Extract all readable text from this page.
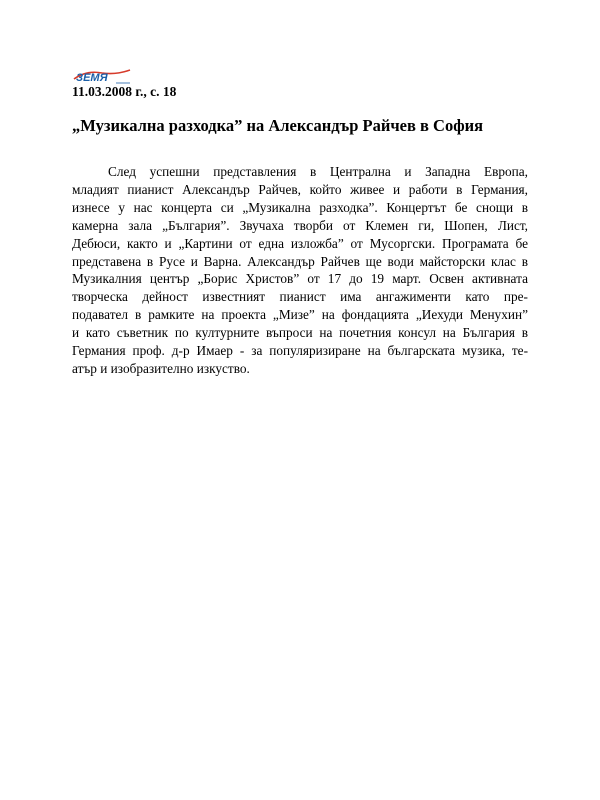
ЗЕМЯ
11.03.2008 г., с. 18
„Музикална разходка” на Александър Райчев в София
След успешни представления в Централна и Западна Европа,
младият пианист Александър Райчев, който живее и работи в Германия,
изнесе у нас концерта си „Музикална разходка”. Концертът бе снощи в
камерна зала „България”. Звучаха творби от Клемен ги, Шопен, Лист,
Дебюси, както и „Картини от една изложба” от Мусоргски. Програмата бе
представена в Русе и Варна. Александър Райчев ще води майсторски клас в
Музикалния център „Борис Христов” от 17 до 19 март. Освен активната
творческа дейност известният пианист има ангажименти като пре-
подавател в рамките на проекта „Мизе” на фондацията „Иехуди Менухин”
и като съветник по културните въпроси на почетния консул на България в
Германия проф. д-р Имаер - за популяризиране на българската музика, те-
атър и изобразително изкуство.
